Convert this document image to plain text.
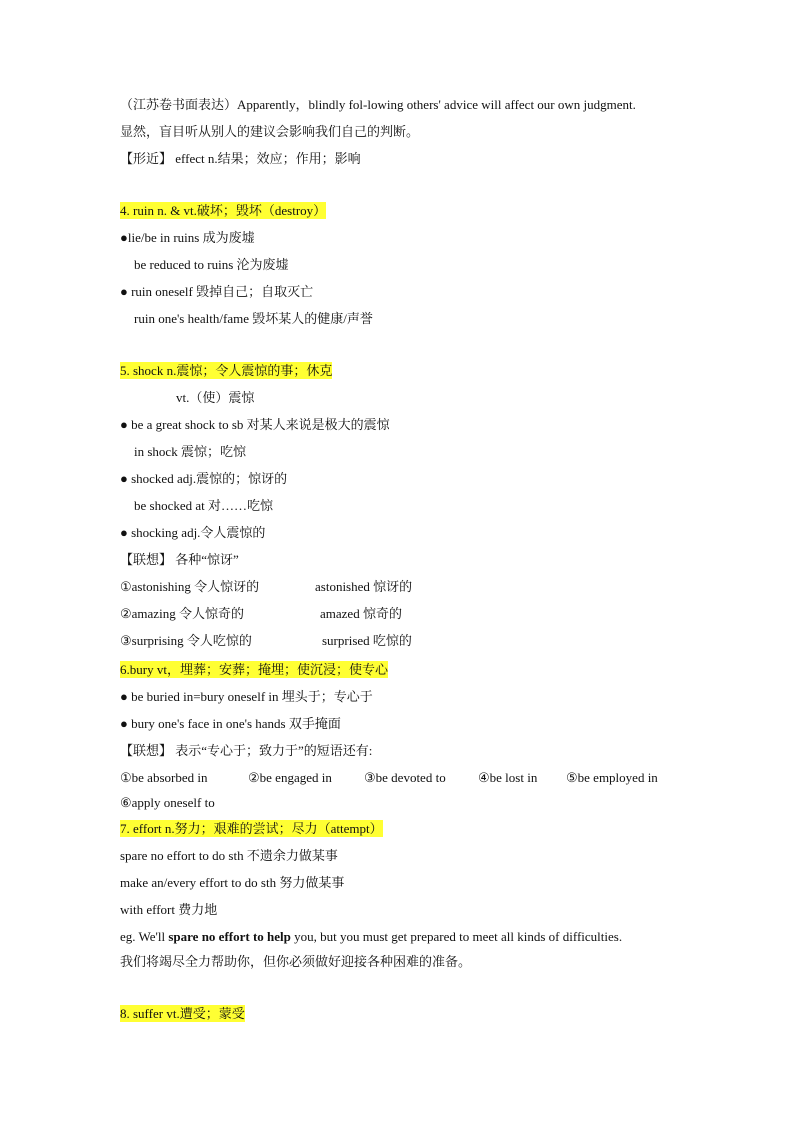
（江苏卷书面表达）Apparently，blindly fol-lowing others' advice will affect our own judgment.
显然，盲目听从别人的建议会影响我们自己的判断。
【形近】 effect n.结果；效应；作用；影响
4. ruin n. & vt.破坏；毁坏（destroy）
●lie/be in ruins 成为废墟
be reduced to ruins 沦为废墟
● ruin oneself 毁掉自己；自取灭亡
ruin one's health/fame 毁坏某人的健康/声誉
5. shock n.震惊；令人震惊的事；休克
vt.（使）震惊
● be a great shock to sb 对某人来说是极大的震惊
in shock 震惊；吃惊
● shocked adj.震惊的；惊讶的
be shocked at 对……吃惊
● shocking adj.令人震惊的
【联想】 各种“惊讶”
①astonishing 令人惊讶的	astonished 惊讶的
②amazing 令人惊奇的	amazed 惊奇的
③surprising 令人吃惊的	surprised 吃惊的
6.bury vt，埋葬；安葬；掩埋；使沉浸；使专心
● be buried in=bury oneself in 埋头于；专心于
● bury one's face in one's hands 双手掩面
【联想】 表示“专心于；致力于”的短语还有:
①be absorbed in	②be engaged in ③be devoted to ④be lost in ⑤be employed in
⑥apply oneself to
7. effort n.努力；艰难的尝试；尽力（attempt）
spare no effort to do sth 不遗余力做某事
make an/every effort to do sth 努力做某事
with effort 费力地
eg. We'll spare no effort to help you, but you must get prepared to meet all kinds of difficulties.
我们将竭尽全力帮助你，但你必须做好迎接各种困难的准备。
8. suffer vt.遭受；蒙受
